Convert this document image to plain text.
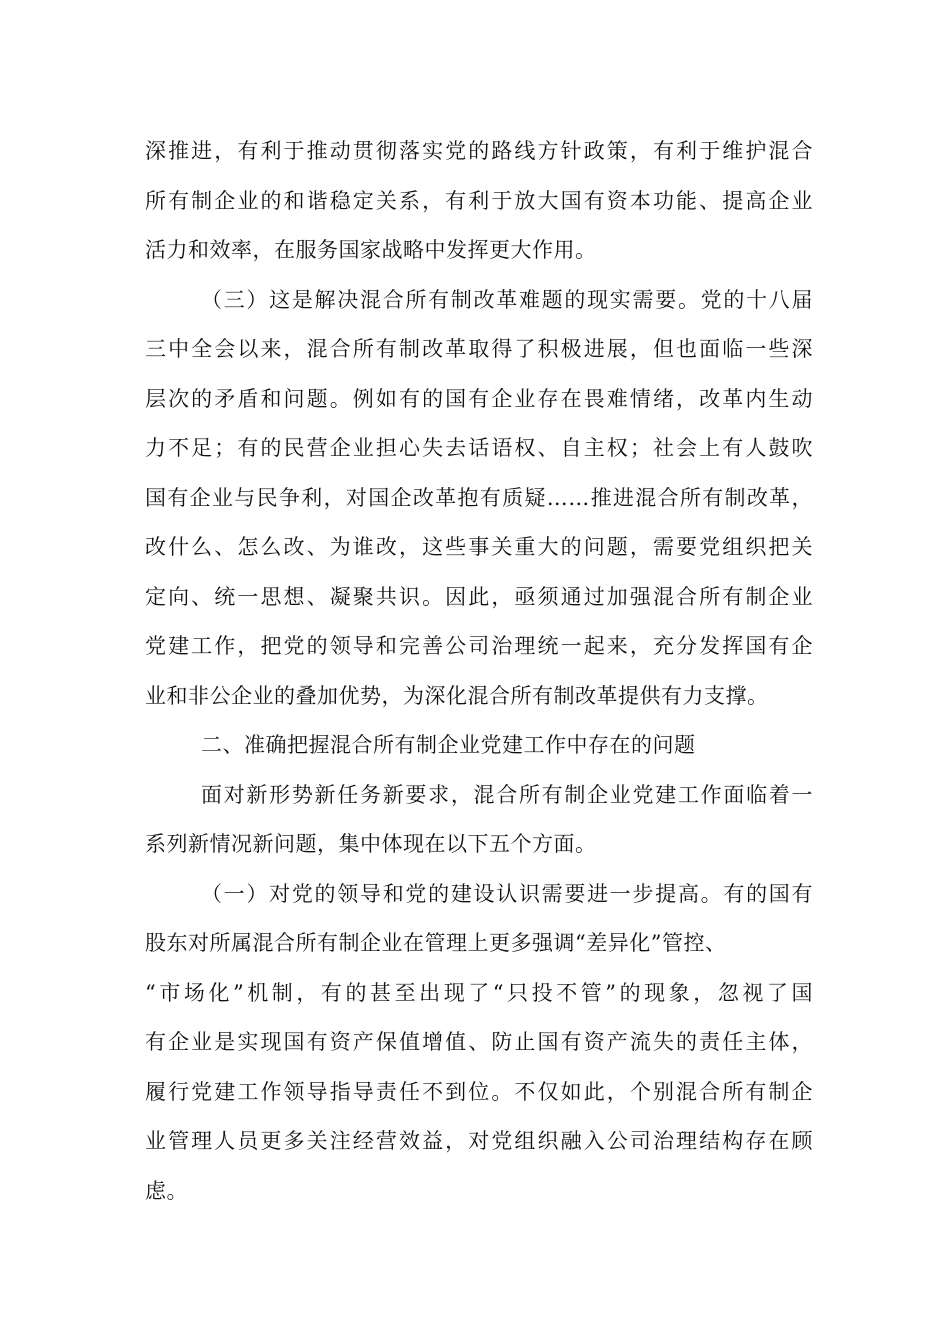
深推进，有利于推动贯彻落实党的路线方针政策，有利于维护混合
所有制企业的和谐稳定关系，有利于放大国有资本功能、提高企业
活力和效率，在服务国家战略中发挥更大作用。
（三）这是解决混合所有制改革难题的现实需要。党的十八届
三中全会以来，混合所有制改革取得了积极进展，但也面临一些深
层次的矛盾和问题。例如有的国有企业存在畏难情绪，改革内生动
力不足；有的民营企业担心失去话语权、自主权；社会上有人鼓吹
国有企业与民争利，对国企改革抱有质疑……推进混合所有制改革，
改什么、怎么改、为谁改，这些事关重大的问题，需要党组织把关
定向、统一思想、凝聚共识。因此，亟须通过加强混合所有制企业
党建工作，把党的领导和完善公司治理统一起来，充分发挥国有企
业和非公企业的叠加优势，为深化混合所有制改革提供有力支撑。
二、准确把握混合所有制企业党建工作中存在的问题
面对新形势新任务新要求，混合所有制企业党建工作面临着一
系列新情况新问题，集中体现在以下五个方面。
（一）对党的领导和党的建设认识需要进一步提高。有的国有
股东对所属混合所有制企业在管理上更多强调“差异化”管控、
“市场化”机制，有的甚至出现了“只投不管”的现象，忽视了国
有企业是实现国有资产保值增值、防止国有资产流失的责任主体，
履行党建工作领导指导责任不到位。不仅如此，个别混合所有制企
业管理人员更多关注经营效益，对党组织融入公司治理结构存在顾
虑。
